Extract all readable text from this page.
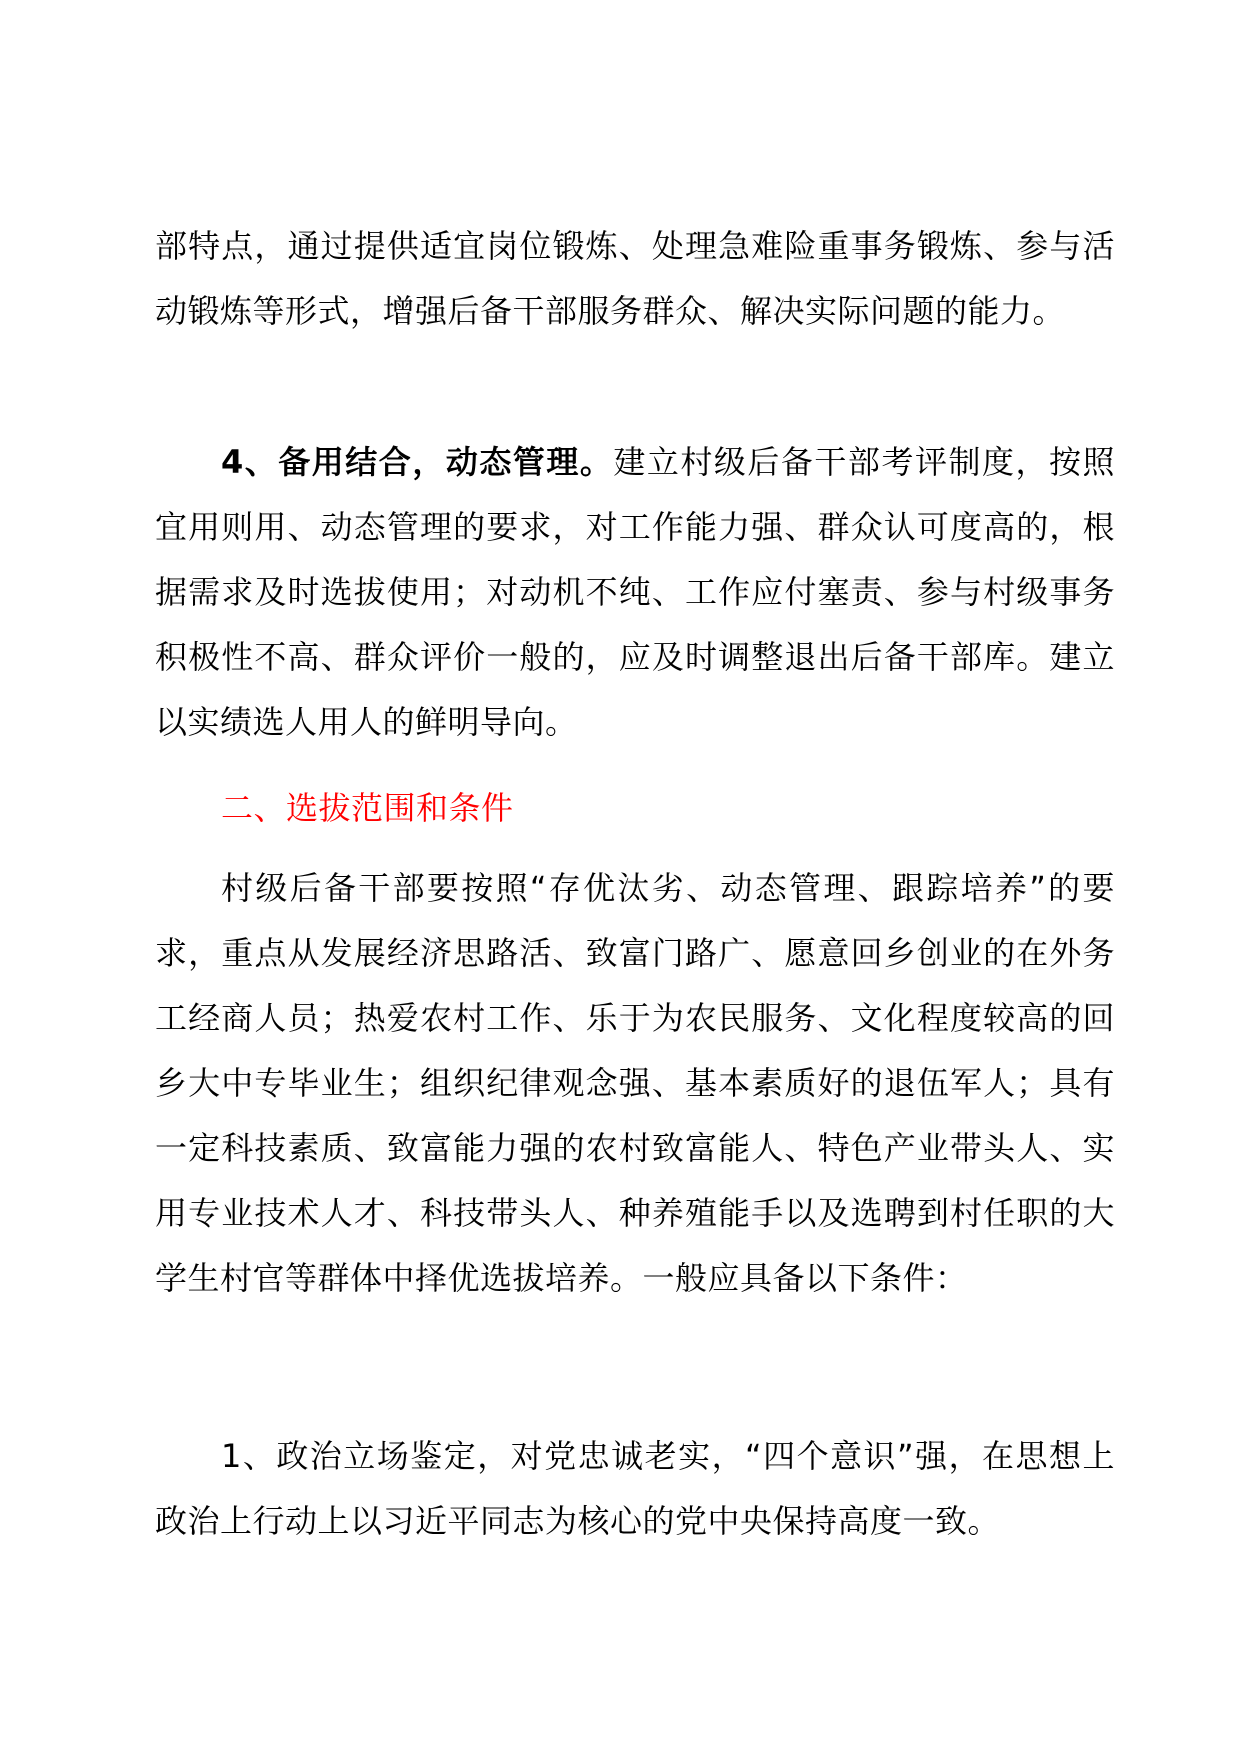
部特点，通过提供适宜岗位锻炼、处理急难险重事务锻炼、参与活动锻炼等形式，增强后备干部服务群众、解决实际问题的能力。

4、备用结合，动态管理。建立村级后备干部考评制度，按照宜用则用、动态管理的要求，对工作能力强、群众认可度高的，根据需求及时选拔使用；对动机不纯、工作应付塞责、参与村级事务积极性不高、群众评价一般的，应及时调整退出后备干部库。建立以实绩选人用人的鲜明导向。

二、选拔范围和条件

村级后备干部要按照“存优汰劣、动态管理、跟踪培养”的要求，重点从发展经济思路活、致富门路广、愿意回乡创业的在外务工经商人员；热爱农村工作、乐于为农民服务、文化程度较高的回乡大中专毕业生；组织纪律观念强、基本素质好的退伍军人；具有一定科技素质、致富能力强的农村致富能人、特色产业带头人、实用专业技术人才、科技带头人、种养殖能手以及选聘到村任职的大学生村官等群体中择优选拔培养。一般应具备以下条件：

1、政治立场鉴定，对党忠诚老实，“四个意识”强，在思想上政治上行动上以习近平同志为核心的党中央保持高度一致。
